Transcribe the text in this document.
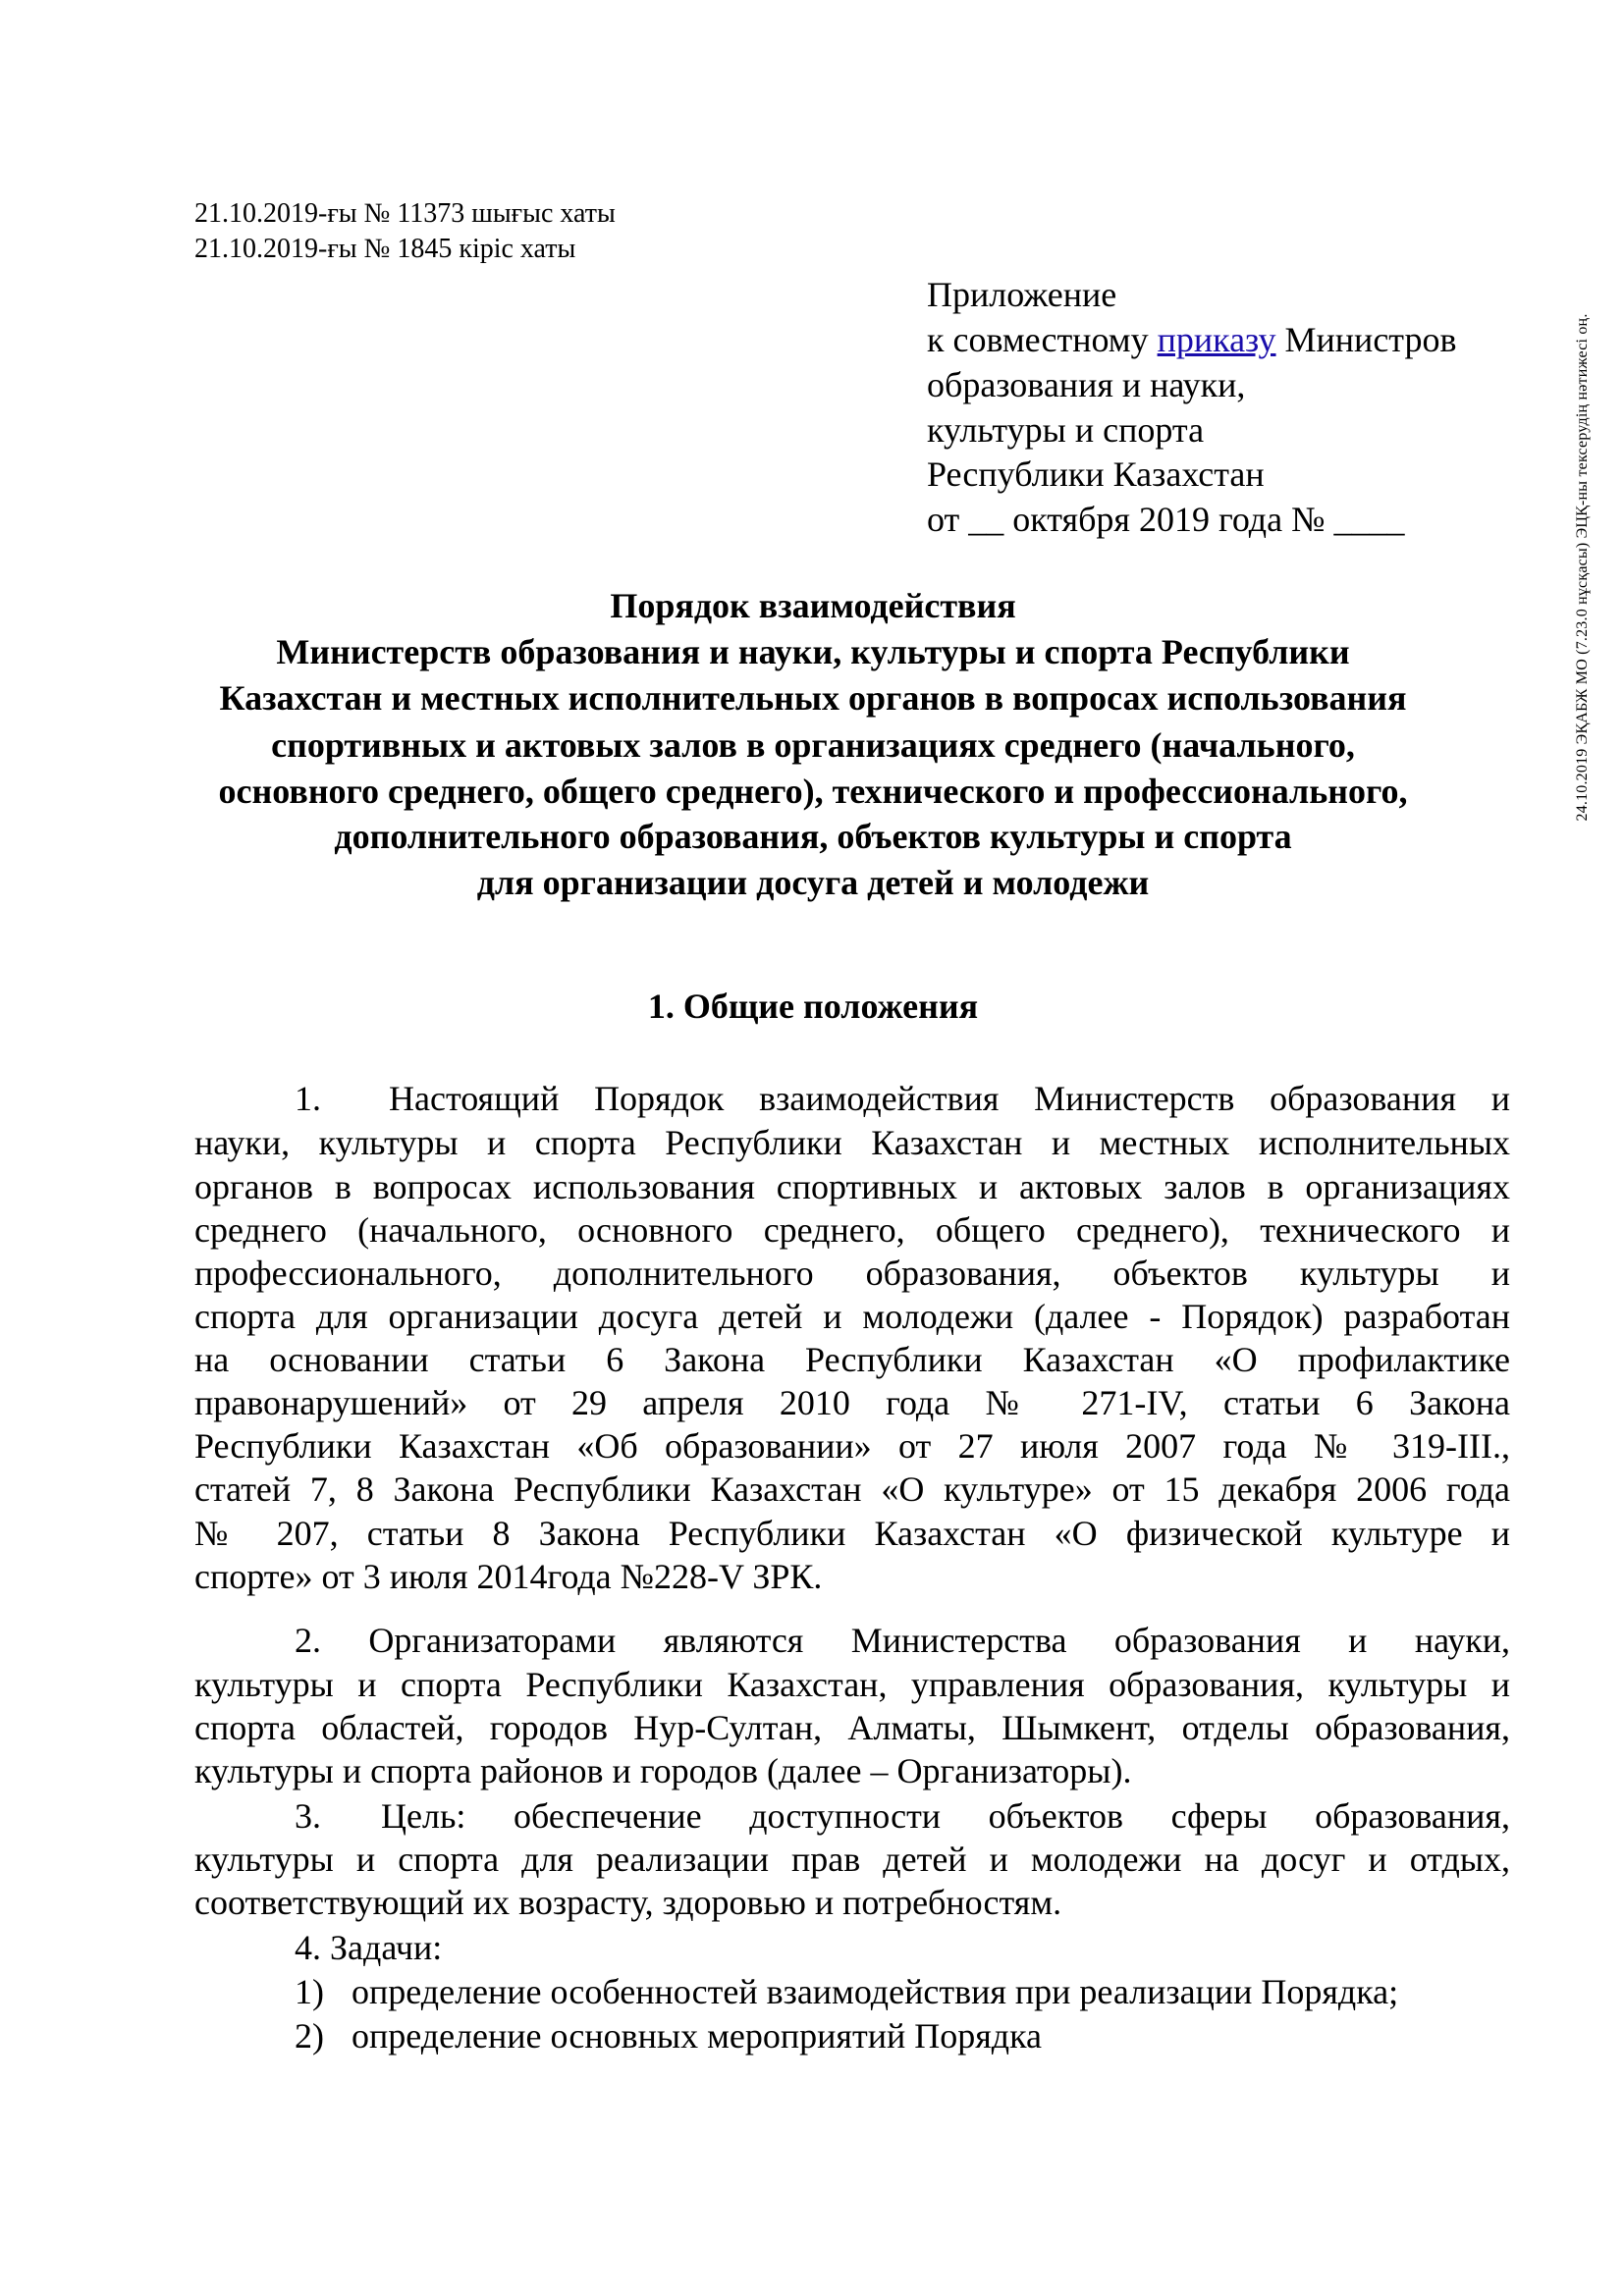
21.10.2019-ғы № 11373 шығыс хаты
21.10.2019-ғы № 1845 кіріс хаты
24.10.2019 ЭҚАБЖ МО (7.23.0 нұсқасы) ЭЦҚ-ны тексерудің нәтижесі оң.
Приложение
к совместному приказу Министров
образования и науки,
культуры и спорта
Республики Казахстан
от __ октября 2019 года № ____
Порядок взаимодействия
Министерств образования и науки, культуры и спорта Республики
Казахстан и местных исполнительных органов в вопросах использования
спортивных и актовых залов в организациях среднего (начального,
основного среднего, общего среднего), технического и профессионального,
дополнительного образования, объектов культуры и спорта
для организации досуга детей и молодежи
1. Общие положения
1. Настоящий Порядок взаимодействия Министерств образования и
науки, культуры и спорта Республики Казахстан и местных исполнительных
органов в вопросах использования спортивных и актовых залов в организациях
среднего (начального, основного среднего, общего среднего), технического и
профессионального, дополнительного образования, объектов культуры и
спорта для организации досуга детей и молодежи (далее - Порядок) разработан
на основании статьи 6 Закона Республики Казахстан «О профилактике
правонарушений» от 29 апреля 2010 года № 271-IV, статьи 6 Закона
Республики Казахстан «Об образовании» от 27 июля 2007 года № 319-III.,
статей 7, 8 Закона Республики Казахстан «О культуре» от 15 декабря 2006 года
№ 207, статьи 8 Закона Республики Казахстан «О физической культуре и
спорте» от 3 июля 2014года №228-V ЗРК.
2. Организаторами являются Министерства образования и науки,
культуры и спорта Республики Казахстан, управления образования, культуры и
спорта областей, городов Нур-Султан, Алматы, Шымкент, отделы образования,
культуры и спорта районов и городов (далее – Организаторы).
3. Цель: обеспечение доступности объектов сферы образования,
культуры и спорта для реализации прав детей и молодежи на досуг и отдых,
соответствующий их возрасту, здоровью и потребностям.
4. Задачи:
1) определение особенностей взаимодействия при реализации Порядка;
2) определение основных мероприятий Порядка
